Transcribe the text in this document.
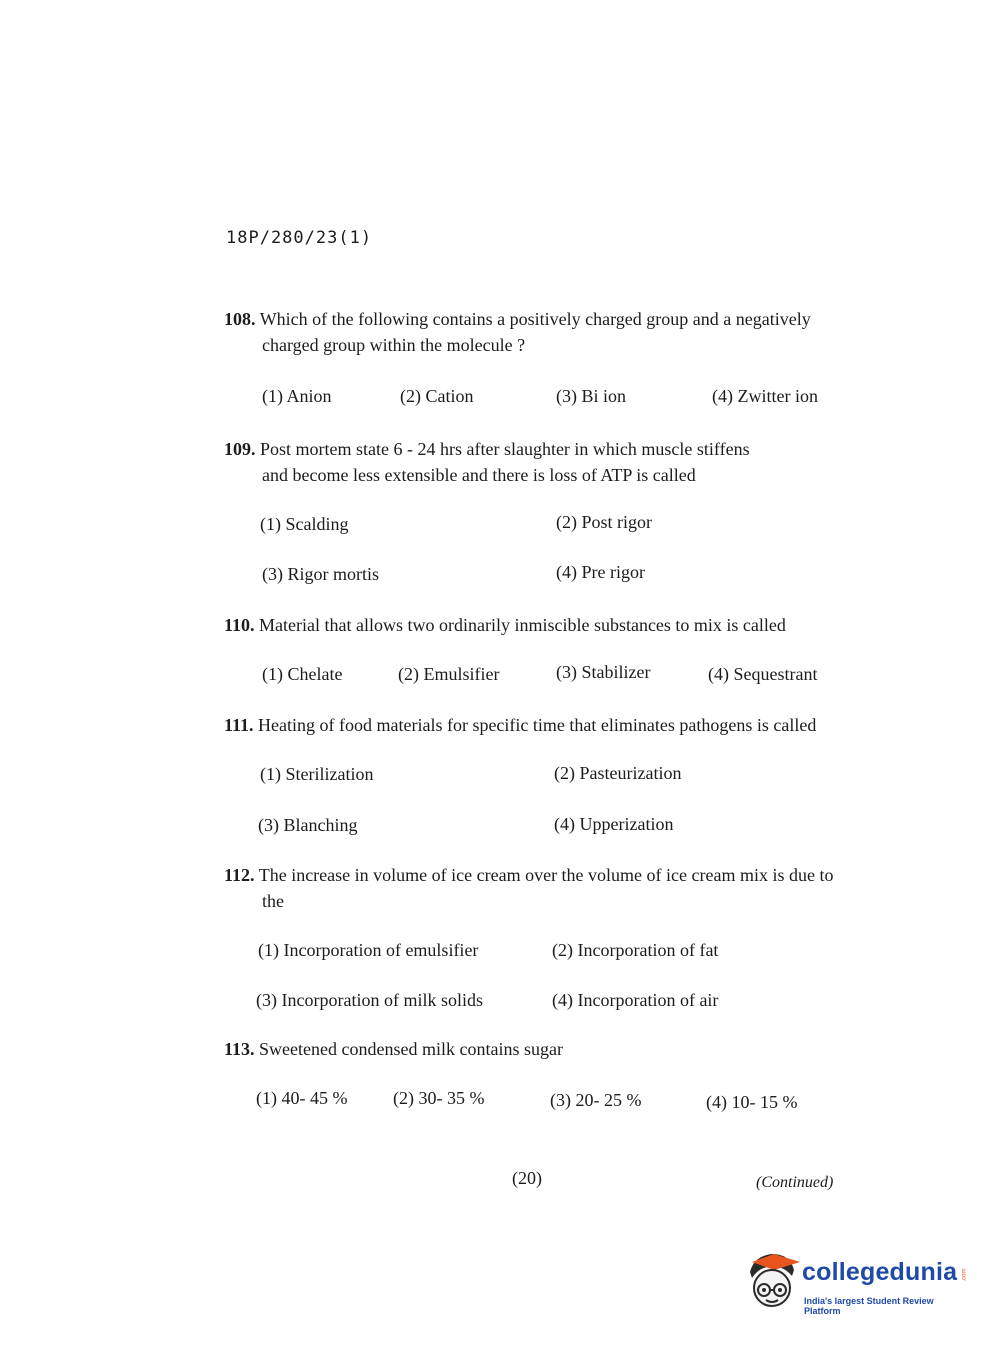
18P/280/23(1)
108. Which of the following contains a positively charged group and a negatively
charged group within the molecule ?
(1) Anion	(2) Cation	(3) Bi ion	(4) Zwitter ion
109. Post mortem state 6 - 24 hrs after slaughter in which muscle stiffens
and become less extensible and there is loss of ATP is called
(1) Scalding	(2) Post rigor
(3) Rigor mortis	(4) Pre rigor
110. Material that allows two ordinarily inmiscible substances to mix is called
(1) Chelate	(2) Emulsifier	(3) Stabilizer	(4) Sequestrant
111. Heating of food materials for specific time that eliminates pathogens is called
(1) Sterilization	(2) Pasteurization
(3) Blanching	(4) Upperization
112. The increase in volume of ice cream over the volume of ice cream mix is due to
the
(1) Incorporation of emulsifier	(2) Incorporation of fat
(3) Incorporation of milk solids	(4) Incorporation of air
113. Sweetened condensed milk contains sugar
(1) 40- 45 %	(2) 30- 35 %	(3) 20- 25 %	(4) 10- 15 %
(20)	(Continued)
collegedunia .com
India's largest Student Review Platform
